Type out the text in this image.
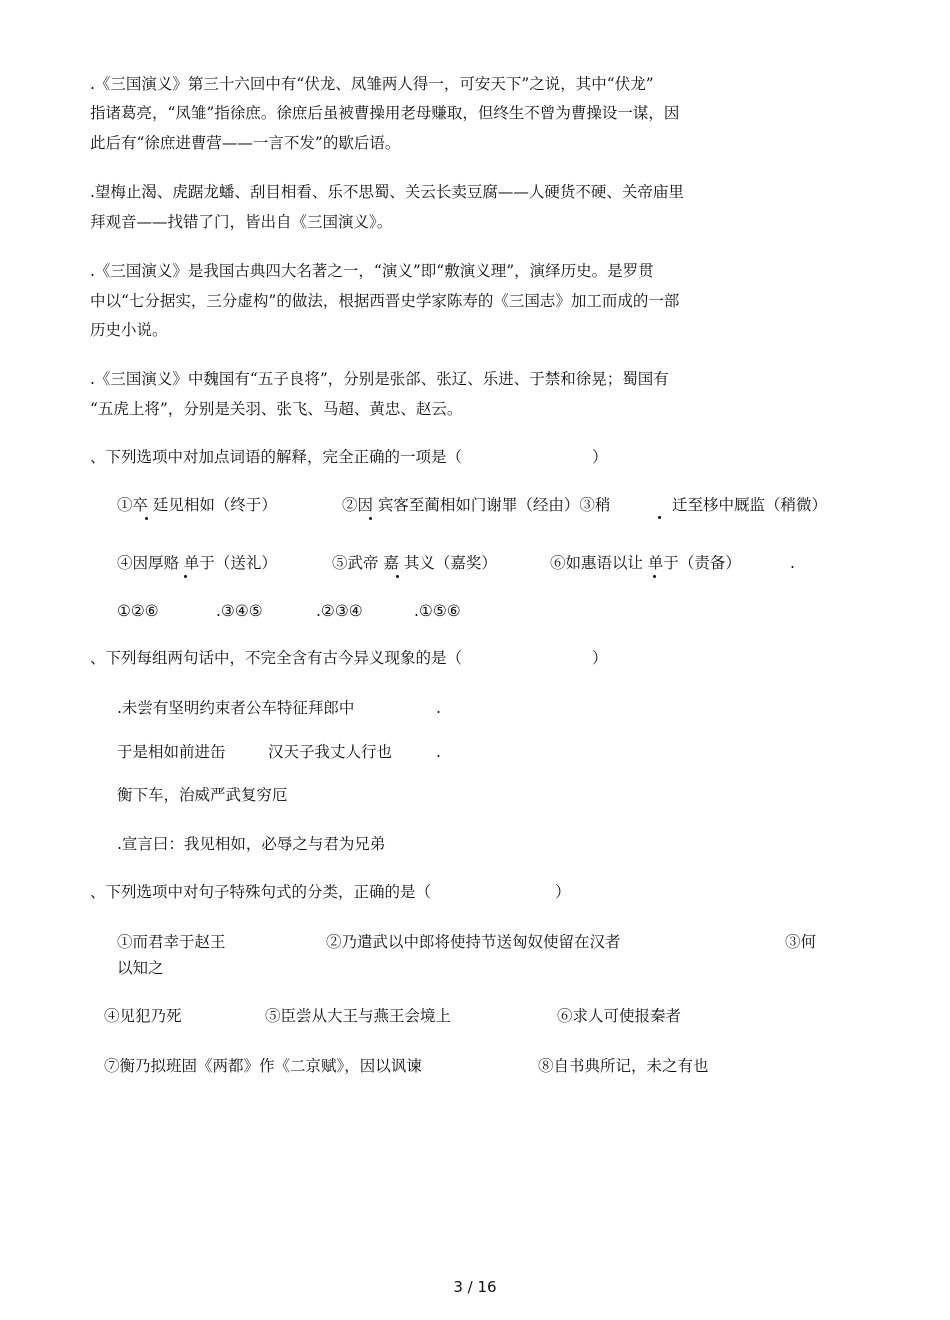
.《三国演义》第三十六回中有“伏龙、凤雏两人得一，可安天下”之说，其中“伏龙”
指诸葛亮，“凤雏”指徐庶。徐庶后虽被曹操用老母赚取，但终生不曾为曹操设一谋，因
此后有“徐庶进曹营——一言不发”的歇后语。
.望梅止渴、虎踞龙蟠、刮目相看、乐不思蜀、关云长卖豆腐——人硬货不硬、关帝庙里
拜观音——找错了门，皆出自《三国演义》。
.《三国演义》是我国古典四大名著之一，“演义”即“敷演义理”，演绎历史。是罗贯
中以“七分据实，三分虚构”的做法，根据西晋史学家陈寿的《三国志》加工而成的一部
历史小说。
.《三国演义》中魏国有“五子良将”，分别是张郃、张辽、乐进、于禁和徐晃；蜀国有
“五虎上将”，分别是关羽、张飞、马超、黄忠、赵云。
、下列选项中对加点词语的解释，完全正确的一项是（	）
①卒 廷见相如（终于）	②因 宾客至蔺相如门谢罪（经由）③稍	迁至栘中厩监（稍微）
④因厚赂 单于（送礼）	⑤武帝 嘉 其义（嘉奖）	⑥如惠语以让 单于（责备）	.
①②⑥	.③④⑤	.②③④	.①⑤⑥
、下列每组两句话中，不完全含有古今异义现象的是（	）
.未尝有坚明约束者公车特征拜郎中	.
于是相如前进缶	汉天子我丈人行也	.
衡下车，治威严武复穷厄
.宣言曰：我见相如，必辱之与君为兄弟
、下列选项中对句子特殊句式的分类，正确的是（	）
①而君幸于赵王	②乃遣武以中郎将使持节送匈奴使留在汉者	③何
以知之
④见犯乃死	⑤臣尝从大王与燕王会境上	⑥求人可使报秦者
⑦衡乃拟班固《两都》作《二京赋》，因以讽谏	⑧自书典所记，未之有也
3 / 16
